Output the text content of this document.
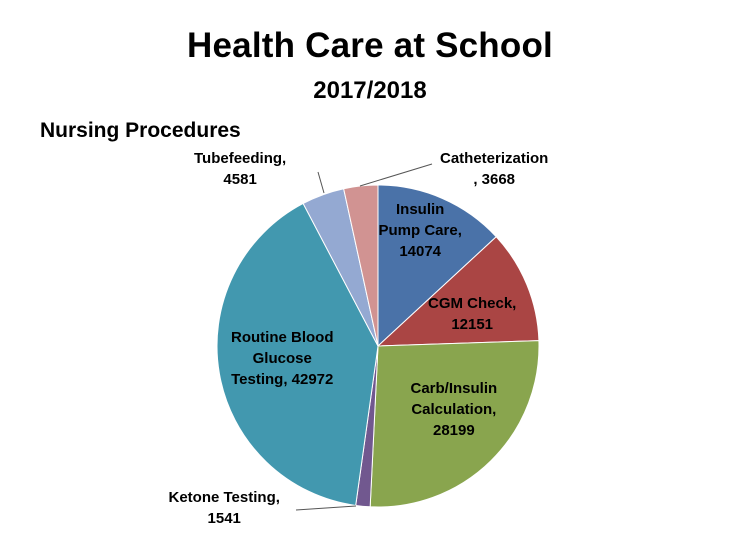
Health Care at School
2017/2018
Nursing Procedures
Insulin
Pump Care,
14074
CGM Check,
12151
Carb/Insulin
Calculation,
28199
Ketone Testing,
1541
Routine Blood
Glucose
Testing, 42972
Tubefeeding,
4581
Catheterization
, 3668
